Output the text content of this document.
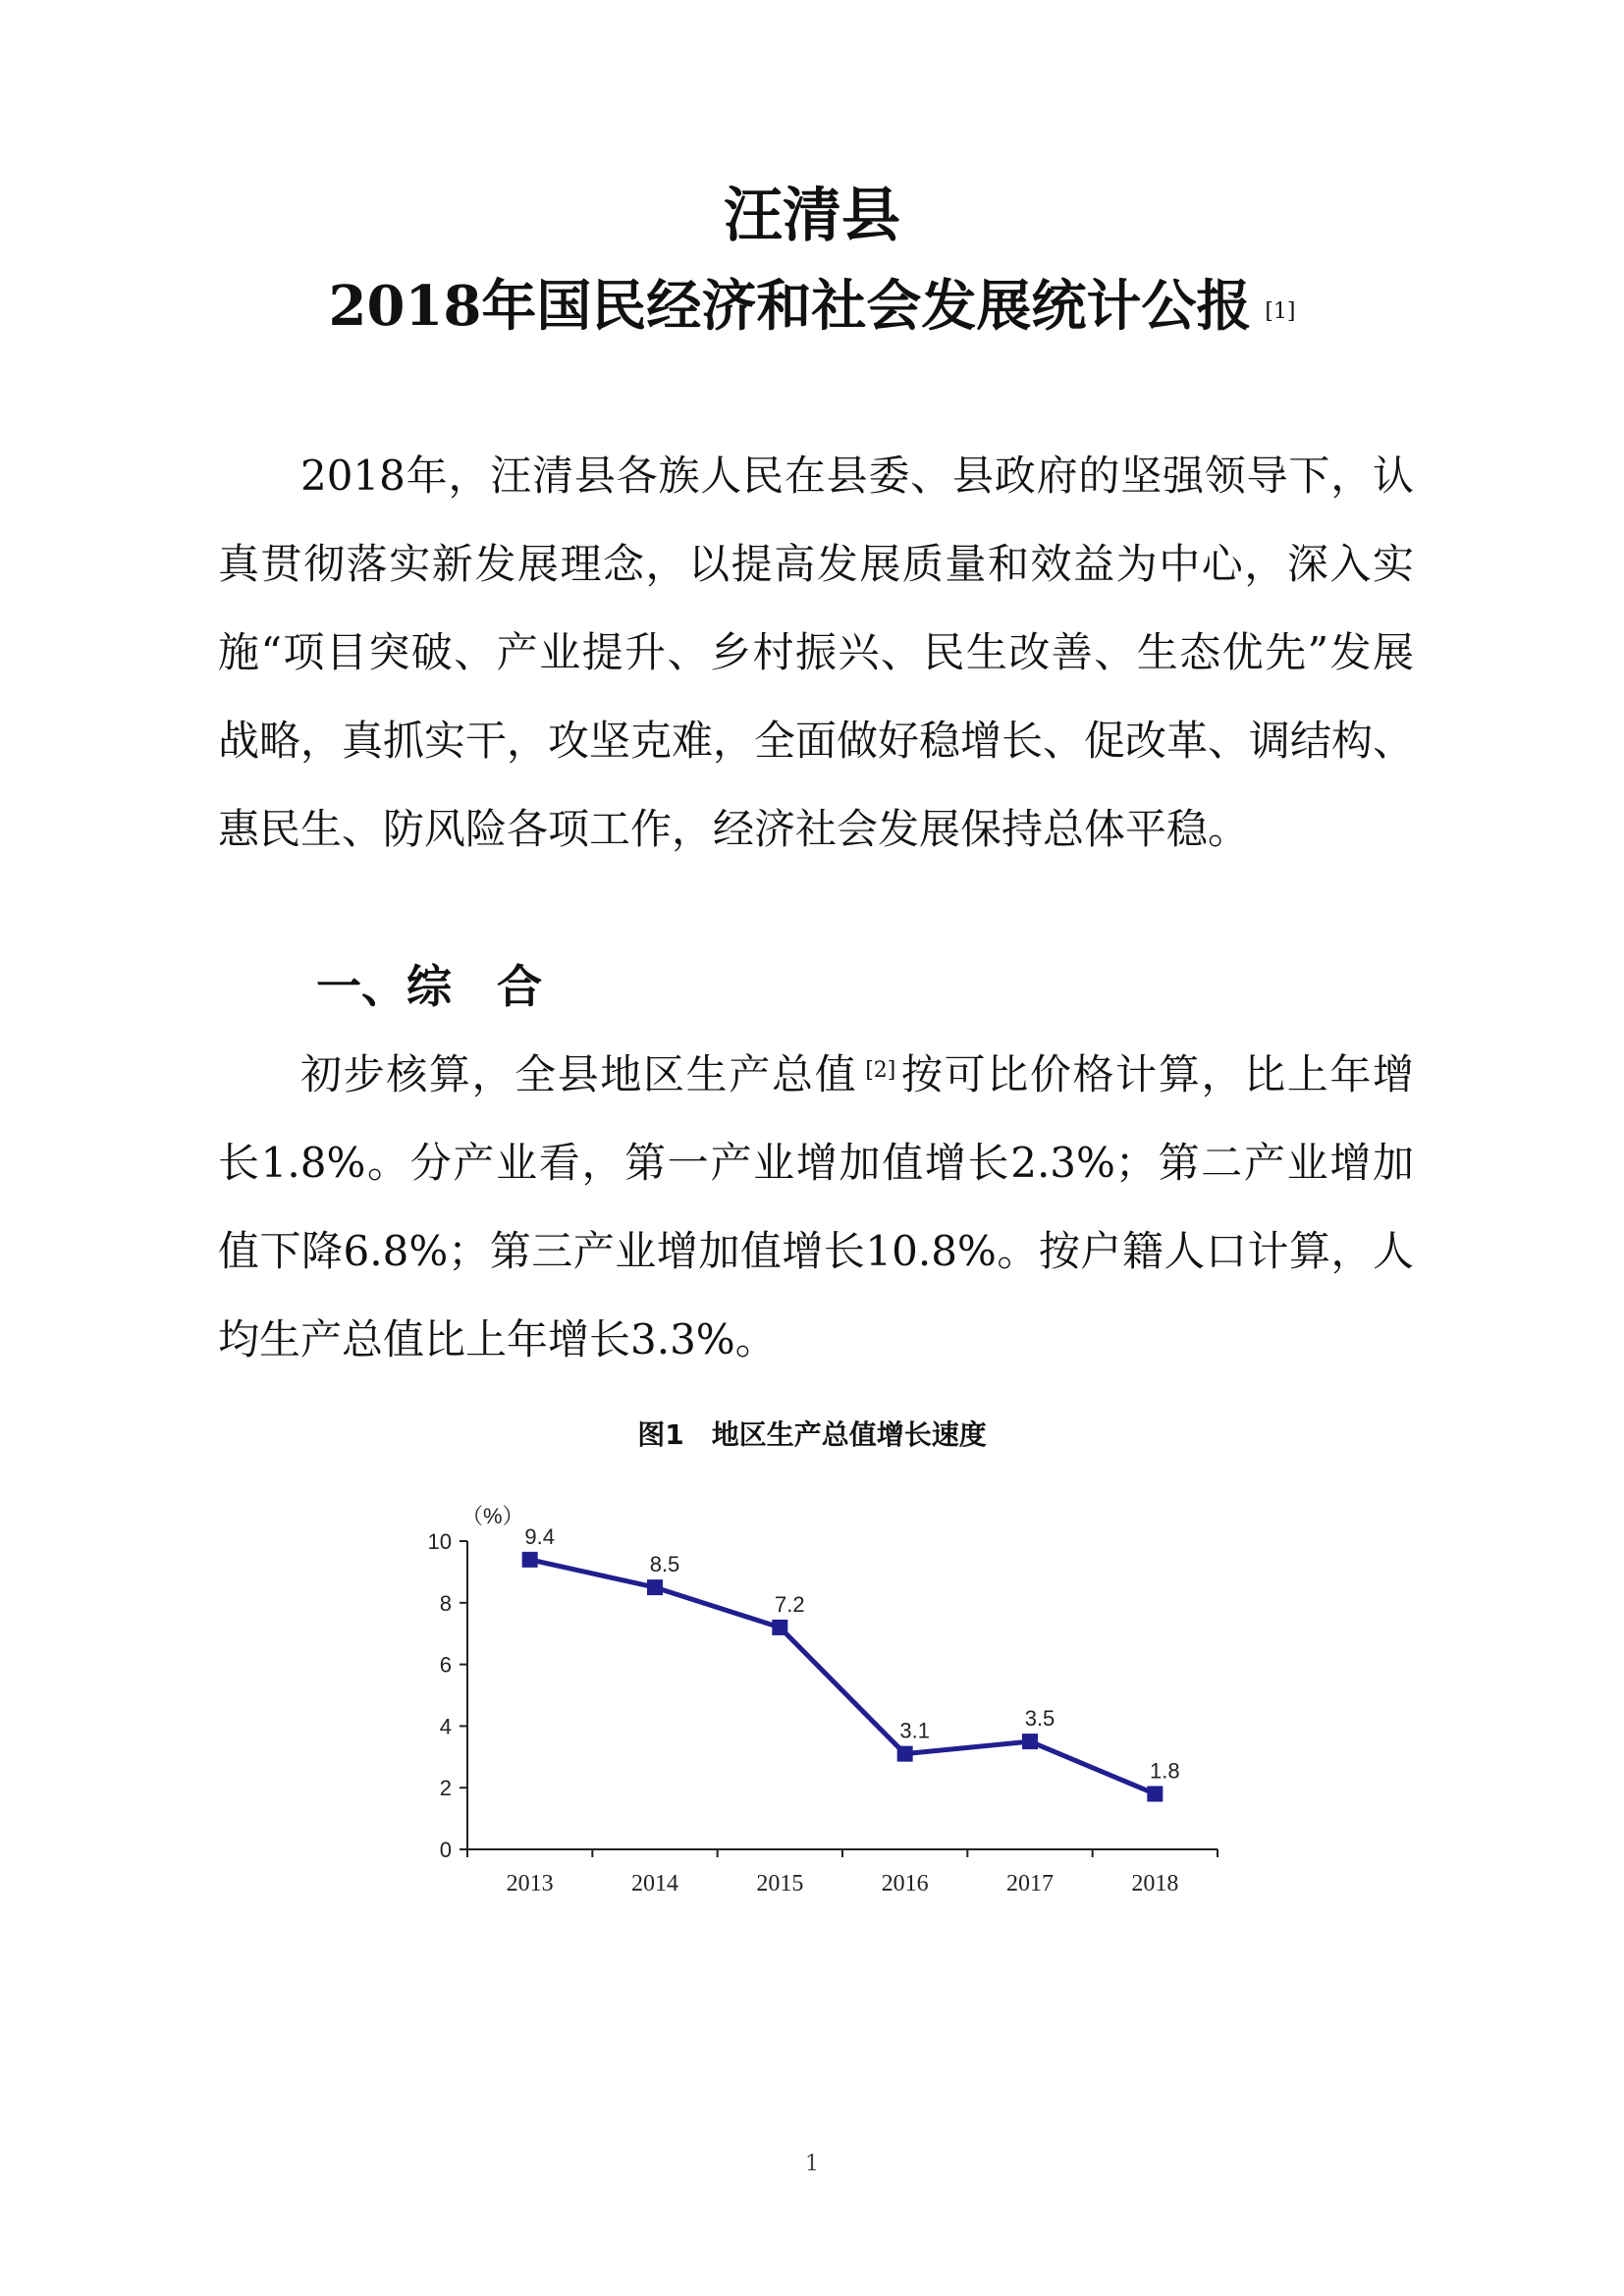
汪清县
2018年国民经济和社会发展统计公报 [1]

2018年，汪清县各族人民在县委、县政府的坚强领导下，认真贯彻落实新发展理念，以提高发展质量和效益为中心，深入实施“项目突破、产业提升、乡村振兴、民生改善、生态优先”发展战略，真抓实干，攻坚克难，全面做好稳增长、促改革、调结构、惠民生、防风险各项工作，经济社会发展保持总体平稳。

一、综　合

初步核算，全县地区生产总值 [2]按可比价格计算，比上年增长1.8%。分产业看，第一产业增加值增长2.3%；第二产业增加值下降6.8%；第三产业增加值增长10.8%。按户籍人口计算，人均生产总值比上年增长3.3%。

图1　地区生产总值增长速度
（%）
0
2
4
6
8
10
2013	2014	2015	2016	2017	2018
9.4
8.5
7.2
3.1
3.5
1.8
1
